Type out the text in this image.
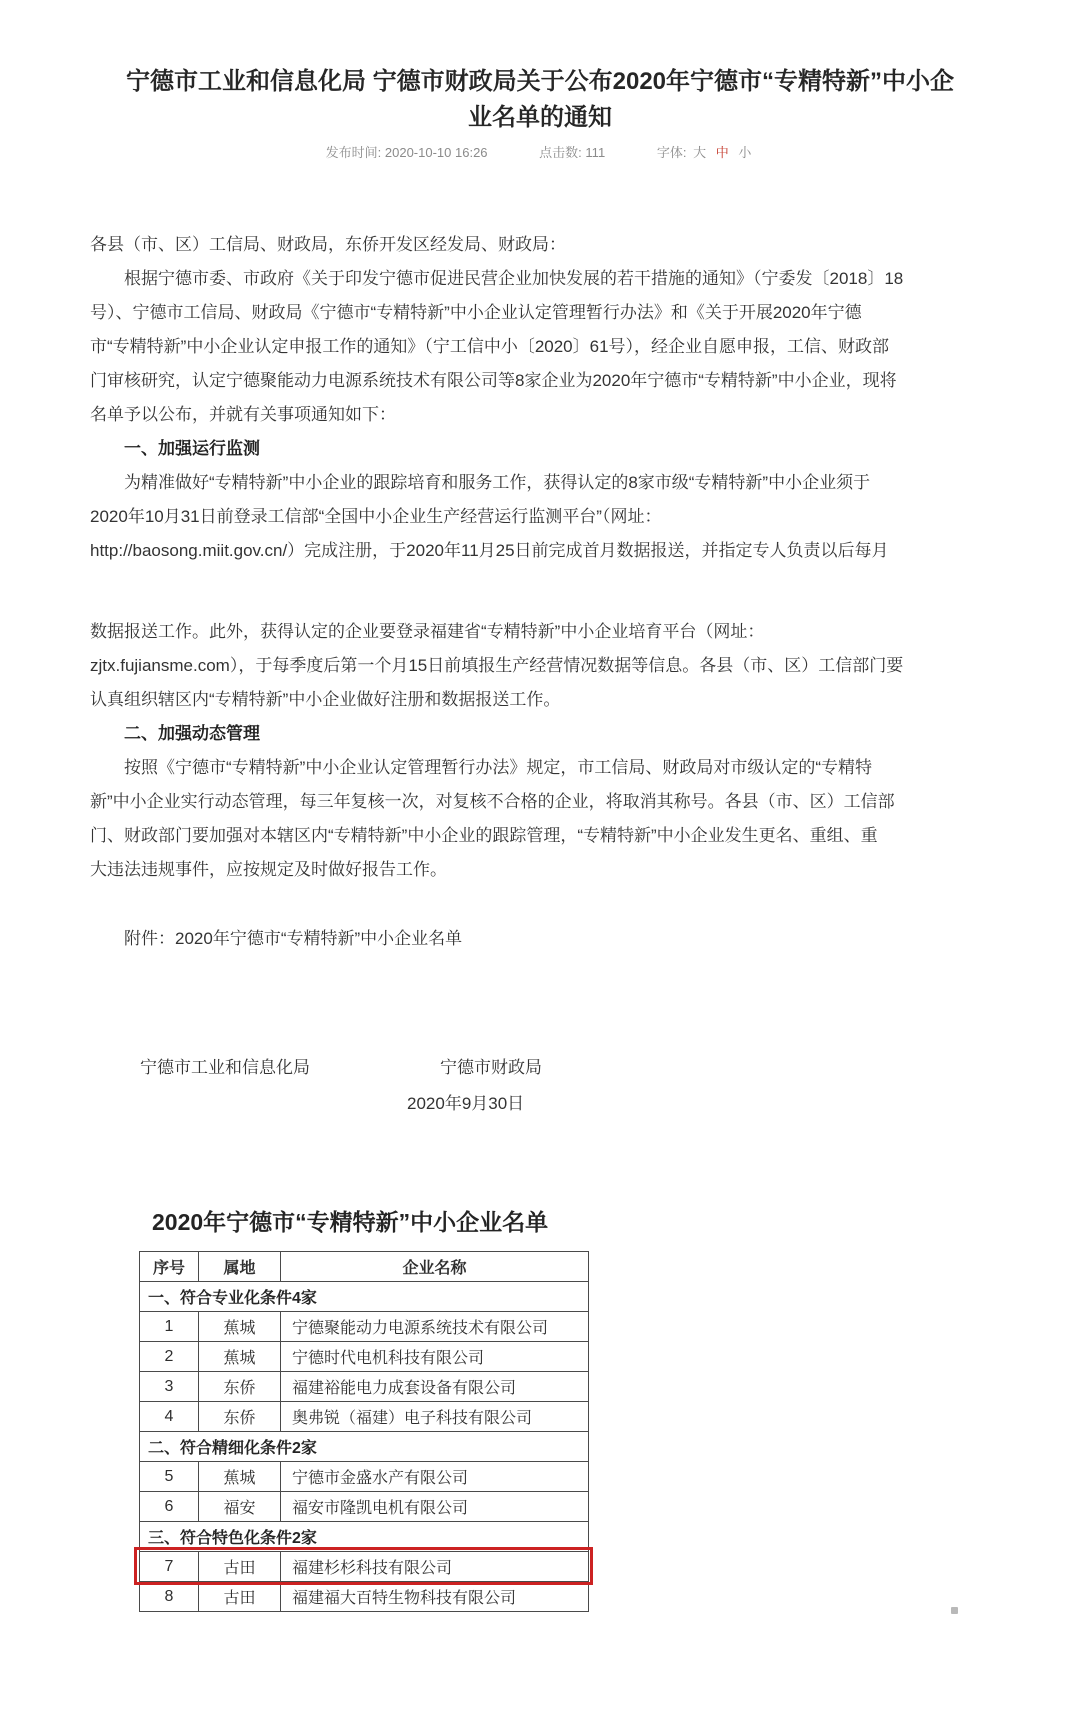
宁德市工业和信息化局 宁德市财政局关于公布2020年宁德市“专精特新”中小企
业名单的通知
发布时间: 2020-10-10 16:26	点击数: 111	字体: 大 中 小
各县（市、区）工信局、财政局，东侨开发区经发局、财政局：
根据宁德市委、市政府《关于印发宁德市促进民营企业加快发展的若干措施的通知》（宁委发〔2018〕18
号）、宁德市工信局、财政局《宁德市“专精特新”中小企业认定管理暂行办法》和《关于开展2020年宁德
市“专精特新”中小企业认定申报工作的通知》（宁工信中小〔2020〕61号），经企业自愿申报，工信、财政部
门审核研究，认定宁德聚能动力电源系统技术有限公司等8家企业为2020年宁德市“专精特新”中小企业，现将
名单予以公布，并就有关事项通知如下：
一、加强运行监测
为精准做好“专精特新”中小企业的跟踪培育和服务工作，获得认定的8家市级“专精特新”中小企业须于
2020年10月31日前登录工信部“全国中小企业生产经营运行监测平台”（网址：
http://baosong.miit.gov.cn/）完成注册，于2020年11月25日前完成首月数据报送，并指定专人负责以后每月
数据报送工作。此外，获得认定的企业要登录福建省“专精特新”中小企业培育平台（网址：
zjtx.fujiansme.com），于每季度后第一个月15日前填报生产经营情况数据等信息。各县（市、区）工信部门要
认真组织辖区内“专精特新”中小企业做好注册和数据报送工作。
二、加强动态管理
按照《宁德市“专精特新”中小企业认定管理暂行办法》规定，市工信局、财政局对市级认定的“专精特
新”中小企业实行动态管理，每三年复核一次，对复核不合格的企业，将取消其称号。各县（市、区）工信部
门、财政部门要加强对本辖区内“专精特新”中小企业的跟踪管理，“专精特新”中小企业发生更名、重组、重
大违法违规事件，应按规定及时做好报告工作。
附件：2020年宁德市“专精特新”中小企业名单
宁德市工业和信息化局	宁德市财政局
2020年9月30日
2020年宁德市“专精特新”中小企业名单
序号	属地	企业名称
一、符合专业化条件4家		
1	蕉城	宁德聚能动力电源系统技术有限公司
2	蕉城	宁德时代电机科技有限公司
3	东侨	福建裕能电力成套设备有限公司
4	东侨	奥弗锐（福建）电子科技有限公司
二、符合精细化条件2家		
5	蕉城	宁德市金盛水产有限公司
6	福安	福安市隆凯电机有限公司
三、符合特色化条件2家		
7	古田	福建杉杉科技有限公司
8	古田	福建福大百特生物科技有限公司
